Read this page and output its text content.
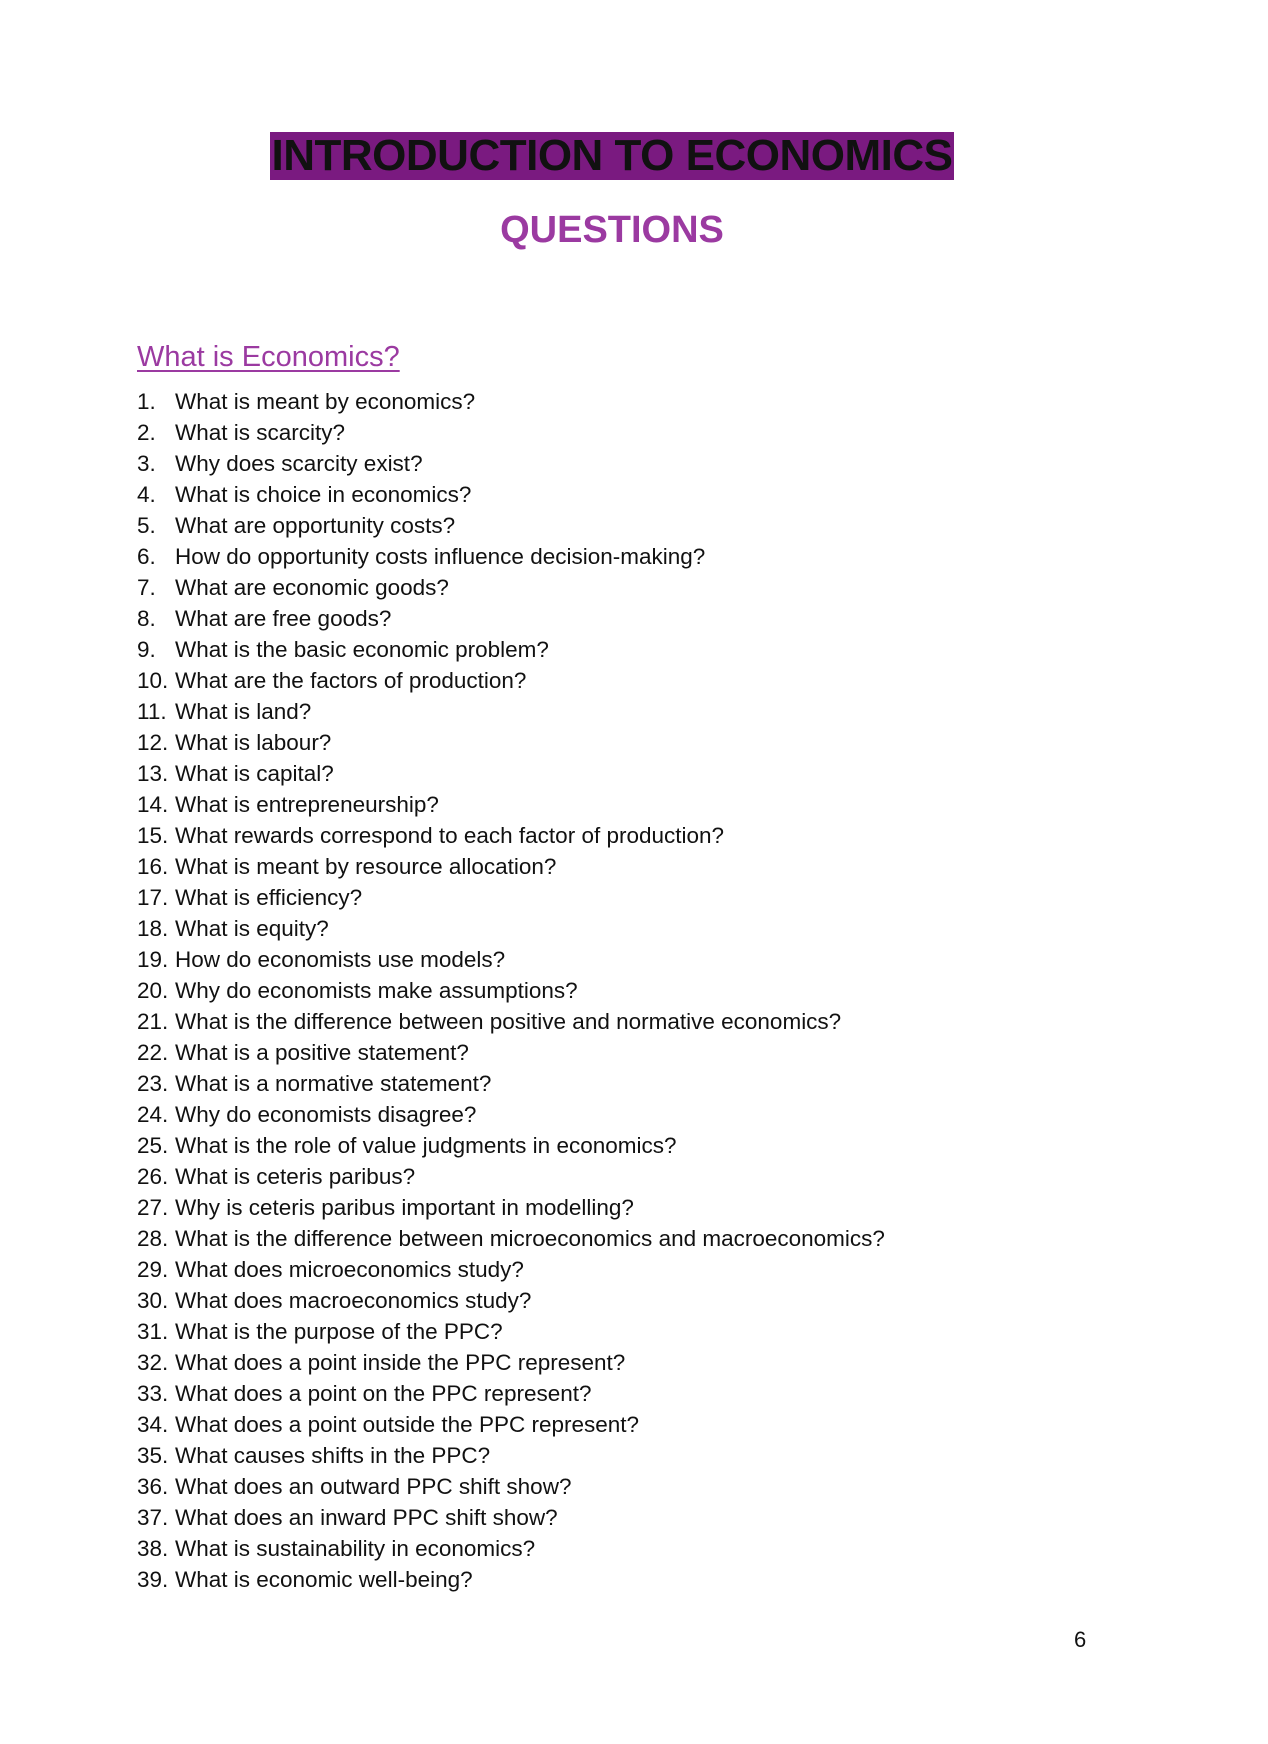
INTRODUCTION TO ECONOMICS
QUESTIONS
What is Economics?
1. What is meant by economics?
2. What is scarcity?
3. Why does scarcity exist?
4. What is choice in economics?
5. What are opportunity costs?
6. How do opportunity costs influence decision-making?
7. What are economic goods?
8. What are free goods?
9. What is the basic economic problem?
10. What are the factors of production?
11. What is land?
12. What is labour?
13. What is capital?
14. What is entrepreneurship?
15. What rewards correspond to each factor of production?
16. What is meant by resource allocation?
17. What is efficiency?
18. What is equity?
19. How do economists use models?
20. Why do economists make assumptions?
21. What is the difference between positive and normative economics?
22. What is a positive statement?
23. What is a normative statement?
24. Why do economists disagree?
25. What is the role of value judgments in economics?
26. What is ceteris paribus?
27. Why is ceteris paribus important in modelling?
28. What is the difference between microeconomics and macroeconomics?
29. What does microeconomics study?
30. What does macroeconomics study?
31. What is the purpose of the PPC?
32. What does a point inside the PPC represent?
33. What does a point on the PPC represent?
34. What does a point outside the PPC represent?
35. What causes shifts in the PPC?
36. What does an outward PPC shift show?
37. What does an inward PPC shift show?
38. What is sustainability in economics?
39. What is economic well-being?
6
